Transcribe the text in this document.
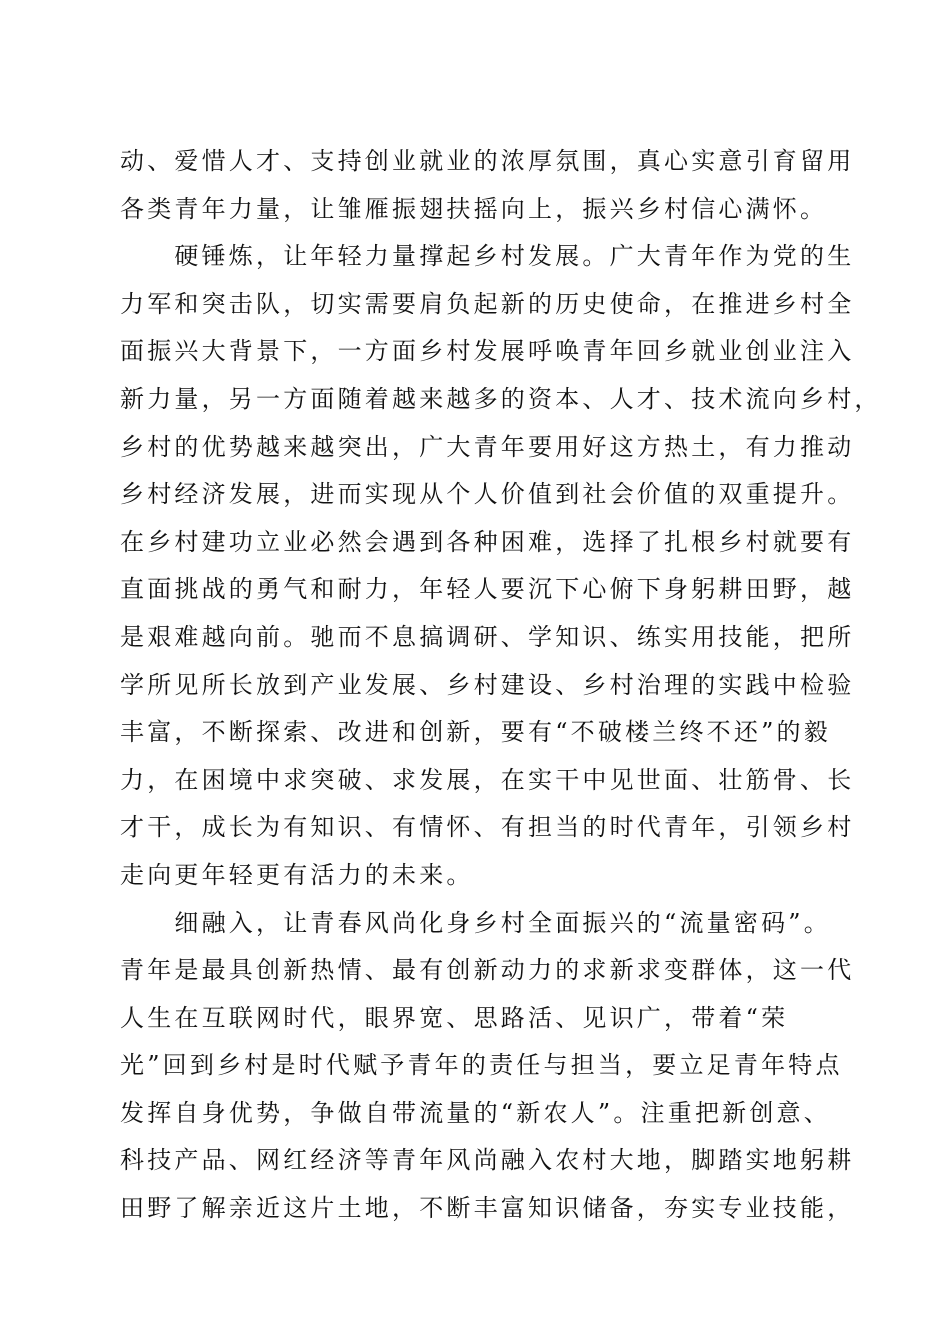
动、爱惜人才、支持创业就业的浓厚氛围，真心实意引育留用
各类青年力量，让雏雁振翅扶摇向上，振兴乡村信心满怀。
　　硬锤炼，让年轻力量撑起乡村发展。广大青年作为党的生
力军和突击队，切实需要肩负起新的历史使命，在推进乡村全
面振兴大背景下，一方面乡村发展呼唤青年回乡就业创业注入
新力量，另一方面随着越来越多的资本、人才、技术流向乡村，
乡村的优势越来越突出，广大青年要用好这方热土，有力推动
乡村经济发展，进而实现从个人价值到社会价值的双重提升。
在乡村建功立业必然会遇到各种困难，选择了扎根乡村就要有
直面挑战的勇气和耐力，年轻人要沉下心俯下身躬耕田野，越
是艰难越向前。驰而不息搞调研、学知识、练实用技能，把所
学所见所长放到产业发展、乡村建设、乡村治理的实践中检验
丰富，不断探索、改进和创新，要有“不破楼兰终不还”的毅
力，在困境中求突破、求发展，在实干中见世面、壮筋骨、长
才干，成长为有知识、有情怀、有担当的时代青年，引领乡村
走向更年轻更有活力的未来。
　　细融入，让青春风尚化身乡村全面振兴的“流量密码”。
青年是最具创新热情、最有创新动力的求新求变群体，这一代
人生在互联网时代，眼界宽、思路活、见识广，带着“荣
光”回到乡村是时代赋予青年的责任与担当，要立足青年特点
发挥自身优势，争做自带流量的“新农人”。注重把新创意、
科技产品、网红经济等青年风尚融入农村大地，脚踏实地躬耕
田野了解亲近这片土地，不断丰富知识储备，夯实专业技能，
